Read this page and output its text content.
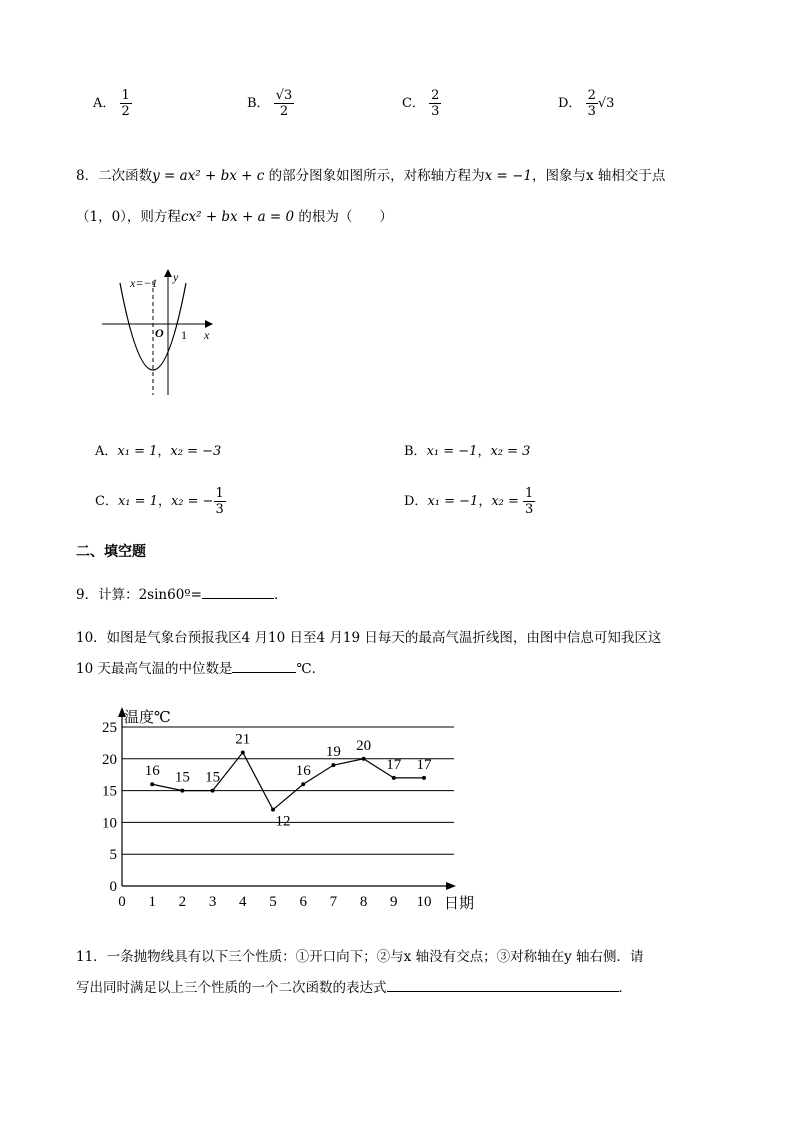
A． $\frac{1}{2}$	B． $\frac{√3}{2}$	C． $\frac{2}{3}$	D． $\frac{2}{3} √3$
8．二次函数y = ax² + bx + c 的部分图象如图所示，对称轴方程为x = −1，图象与x 轴相交于点
（1，0），则方程cx² + bx + a = 0 的根为（　　）
x=−1 y
x
O 1
A．x₁ = 1，x₂ = −3	B．x₁ = −1，x₂ = 3
C．x₁ = 1，x₂ = − $\frac{1}{3}$	D．x₁ = −1，$x_2 = \frac{1}{3}$
二、填空题
9．计算：2sin60º=	．
10．如图是气象台预报我区4 月10 日至4 月19 日每天的最高气温折线图，由图中信息可知我区这
10 天最高气温的中位数是	℃．
0
5
10
15
20
25
0 1 2 3 4 5 6 7 8 9 10
温度℃
日期
16 15 15
21
12
16
19 20
17 17
11．一条抛物线具有以下三个性质：①开口向下；②与x 轴没有交点；③对称轴在y 轴右侧．请
写出同时满足以上三个性质的一个二次函数的表达式	．
